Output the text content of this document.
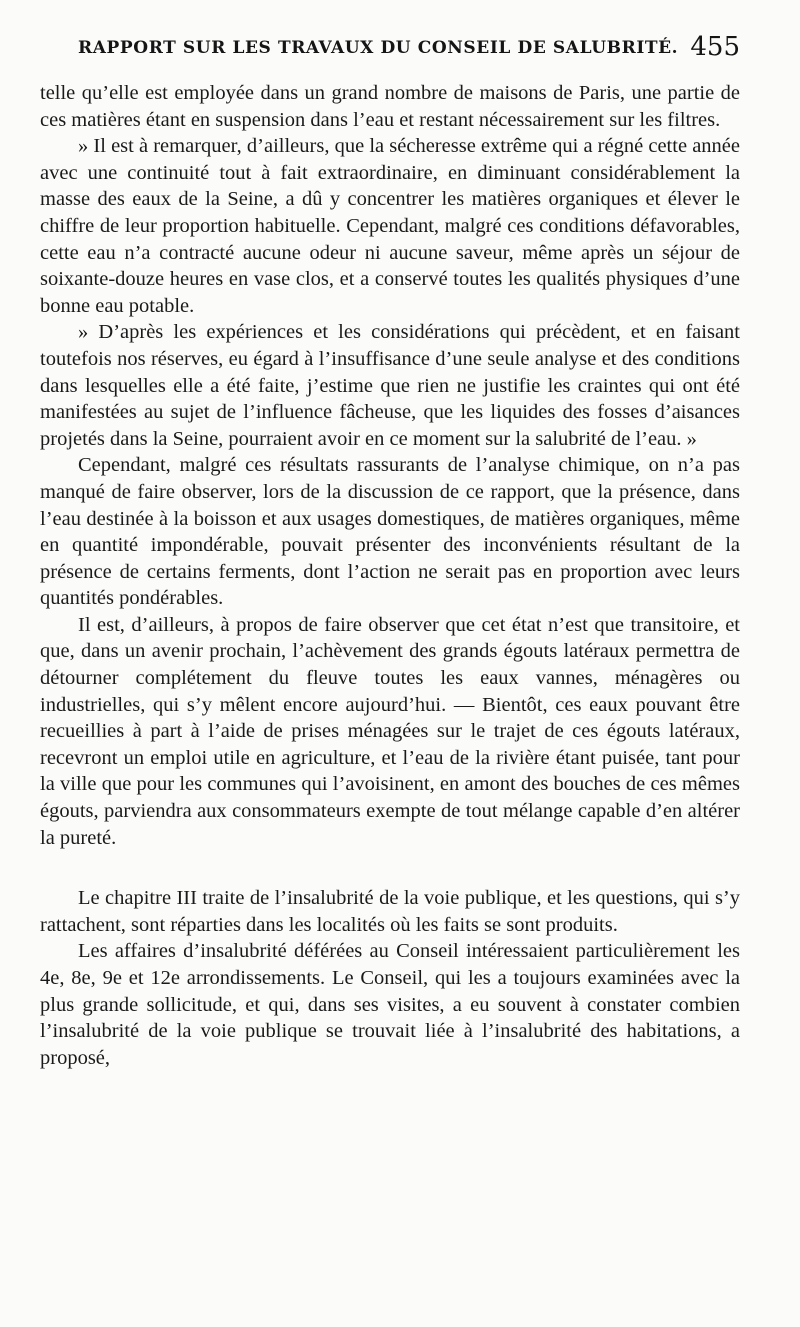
RAPPORT SUR LES TRAVAUX DU CONSEIL DE SALUBRITÉ. 455

telle qu’elle est employée dans un grand nombre de maisons de Paris, une partie de ces matières étant en suspension dans l’eau et restant nécessairement sur les filtres.

» Il est à remarquer, d’ailleurs, que la sécheresse extrême qui a régné cette année avec une continuité tout à fait extraordinaire, en diminuant considérablement la masse des eaux de la Seine, a dû y concentrer les matières organiques et élever le chiffre de leur proportion habituelle. Cependant, malgré ces conditions défavorables, cette eau n’a contracté aucune odeur ni aucune saveur, même après un séjour de soixante-douze heures en vase clos, et a conservé toutes les qualités physiques d’une bonne eau potable.

» D’après les expériences et les considérations qui précèdent, et en faisant toutefois nos réserves, eu égard à l’insuffisance d’une seule analyse et des conditions dans lesquelles elle a été faite, j’estime que rien ne justifie les craintes qui ont été manifestées au sujet de l’influence fâcheuse, que les liquides des fosses d’aisances projetés dans la Seine, pourraient avoir en ce moment sur la salubrité de l’eau. »

Cependant, malgré ces résultats rassurants de l’analyse chimique, on n’a pas manqué de faire observer, lors de la discussion de ce rapport, que la présence, dans l’eau destinée à la boisson et aux usages domestiques, de matières organiques, même en quantité impondérable, pouvait présenter des inconvénients résultant de la présence de certains ferments, dont l’action ne serait pas en proportion avec leurs quantités pondérables.

Il est, d’ailleurs, à propos de faire observer que cet état n’est que transitoire, et que, dans un avenir prochain, l’achèvement des grands égouts latéraux permettra de détourner complétement du fleuve toutes les eaux vannes, ménagères ou industrielles, qui s’y mêlent encore aujourd’hui. — Bientôt, ces eaux pouvant être recueillies à part à l’aide de prises ménagées sur le trajet de ces égouts latéraux, recevront un emploi utile en agriculture, et l’eau de la rivière étant puisée, tant pour la ville que pour les communes qui l’avoisinent, en amont des bouches de ces mêmes égouts, parviendra aux consommateurs exempte de tout mélange capable d’en altérer la pureté.

Le chapitre III traite de l’insalubrité de la voie publique, et les questions, qui s’y rattachent, sont réparties dans les localités où les faits se sont produits.

Les affaires d’insalubrité déférées au Conseil intéressaient particulièrement les 4e, 8e, 9e et 12e arrondissements. Le Conseil, qui les a toujours examinées avec la plus grande sollicitude, et qui, dans ses visites, a eu souvent à constater combien l’insalubrité de la voie publique se trouvait liée à l’insalubrité des habitations, a proposé,
